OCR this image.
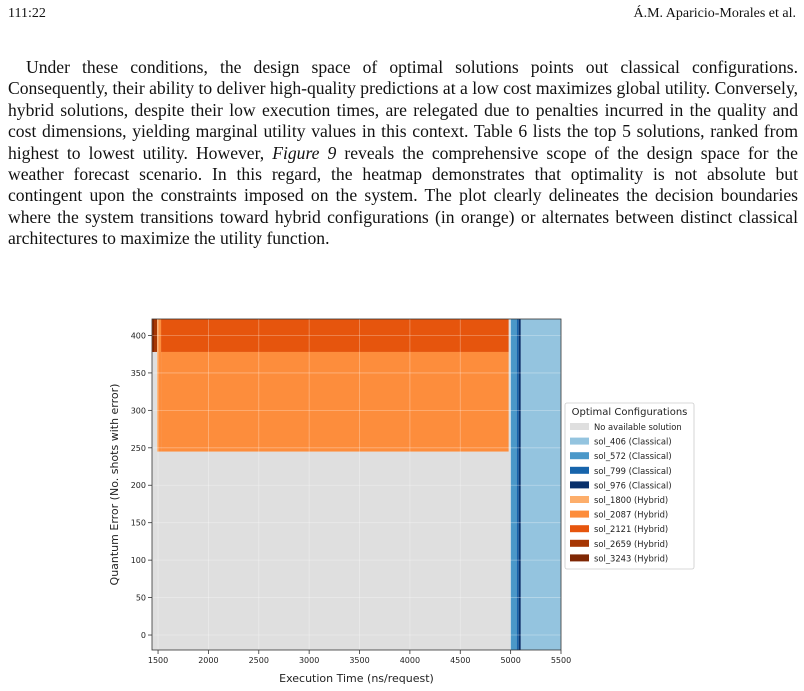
111:22	Á.M. Aparicio-Morales et al.

Under these conditions, the design space of optimal solutions points out classical configurations. Consequently, their ability to deliver high-quality predictions at a low cost maximizes global utility. Conversely, hybrid solutions, despite their low execution times, are relegated due to penalties incurred in the quality and cost dimensions, yielding marginal utility values in this context. Table 6 lists the top 5 solutions, ranked from highest to lowest utility. However, Figure 9 reveals the comprehensive scope of the design space for the weather forecast scenario. In this regard, the heatmap demonstrates that optimality is not absolute but contingent upon the constraints imposed on the system. The plot clearly delineates the decision boundaries where the system transitions toward hybrid configurations (in orange) or alternates between distinct classical architectures to maximize the utility function.

1500	2000	2500	3000	3500	4000	4500	5000	5500
0
50
100
150
200
250
300
350
400
Execution Time (ns/request)
Quantum Error (No. shots with error)	Optimal Configurations
No available solution
sol_406 (Classical)
sol_572 (Classical)
sol_799 (Classical)
sol_976 (Classical)
sol_1800 (Hybrid)
sol_2087 (Hybrid)
sol_2121 (Hybrid)
sol_2659 (Hybrid)
sol_3243 (Hybrid)
